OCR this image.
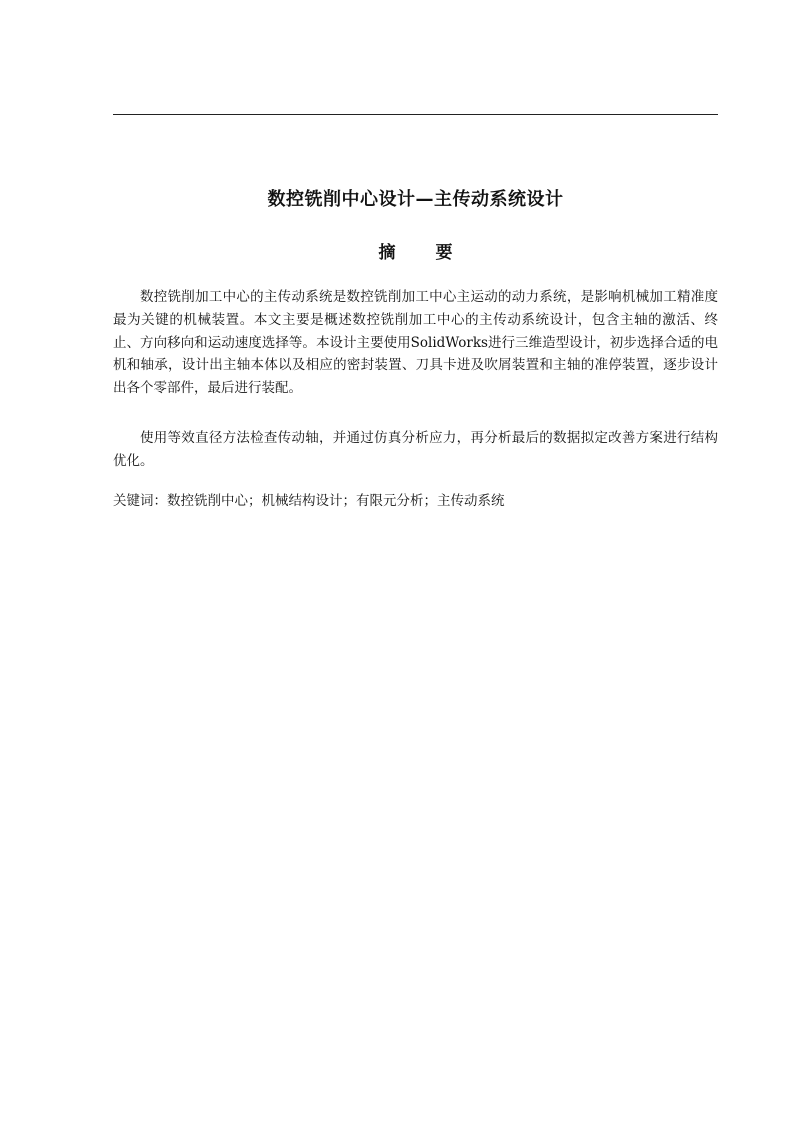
数控铣削中心设计—主传动系统设计
摘 要

数控铣削加工中心的主传动系统是数控铣削加工中心主运动的动力系统，是影响机械加工精准度最为关键的机械装置。本文主要是概述数控铣削加工中心的主传动系统设计，包含主轴的激活、终止、方向移向和运动速度选择等。本设计主要使用SolidWorks进行三维造型设计，初步选择合适的电机和轴承，设计出主轴本体以及相应的密封装置、刀具卡进及吹屑装置和主轴的准停装置，逐步设计出各个零部件，最后进行装配。

使用等效直径方法检查传动轴，并通过仿真分析应力，再分析最后的数据拟定改善方案进行结构优化。

关键词：数控铣削中心；机械结构设计；有限元分析；主传动系统
